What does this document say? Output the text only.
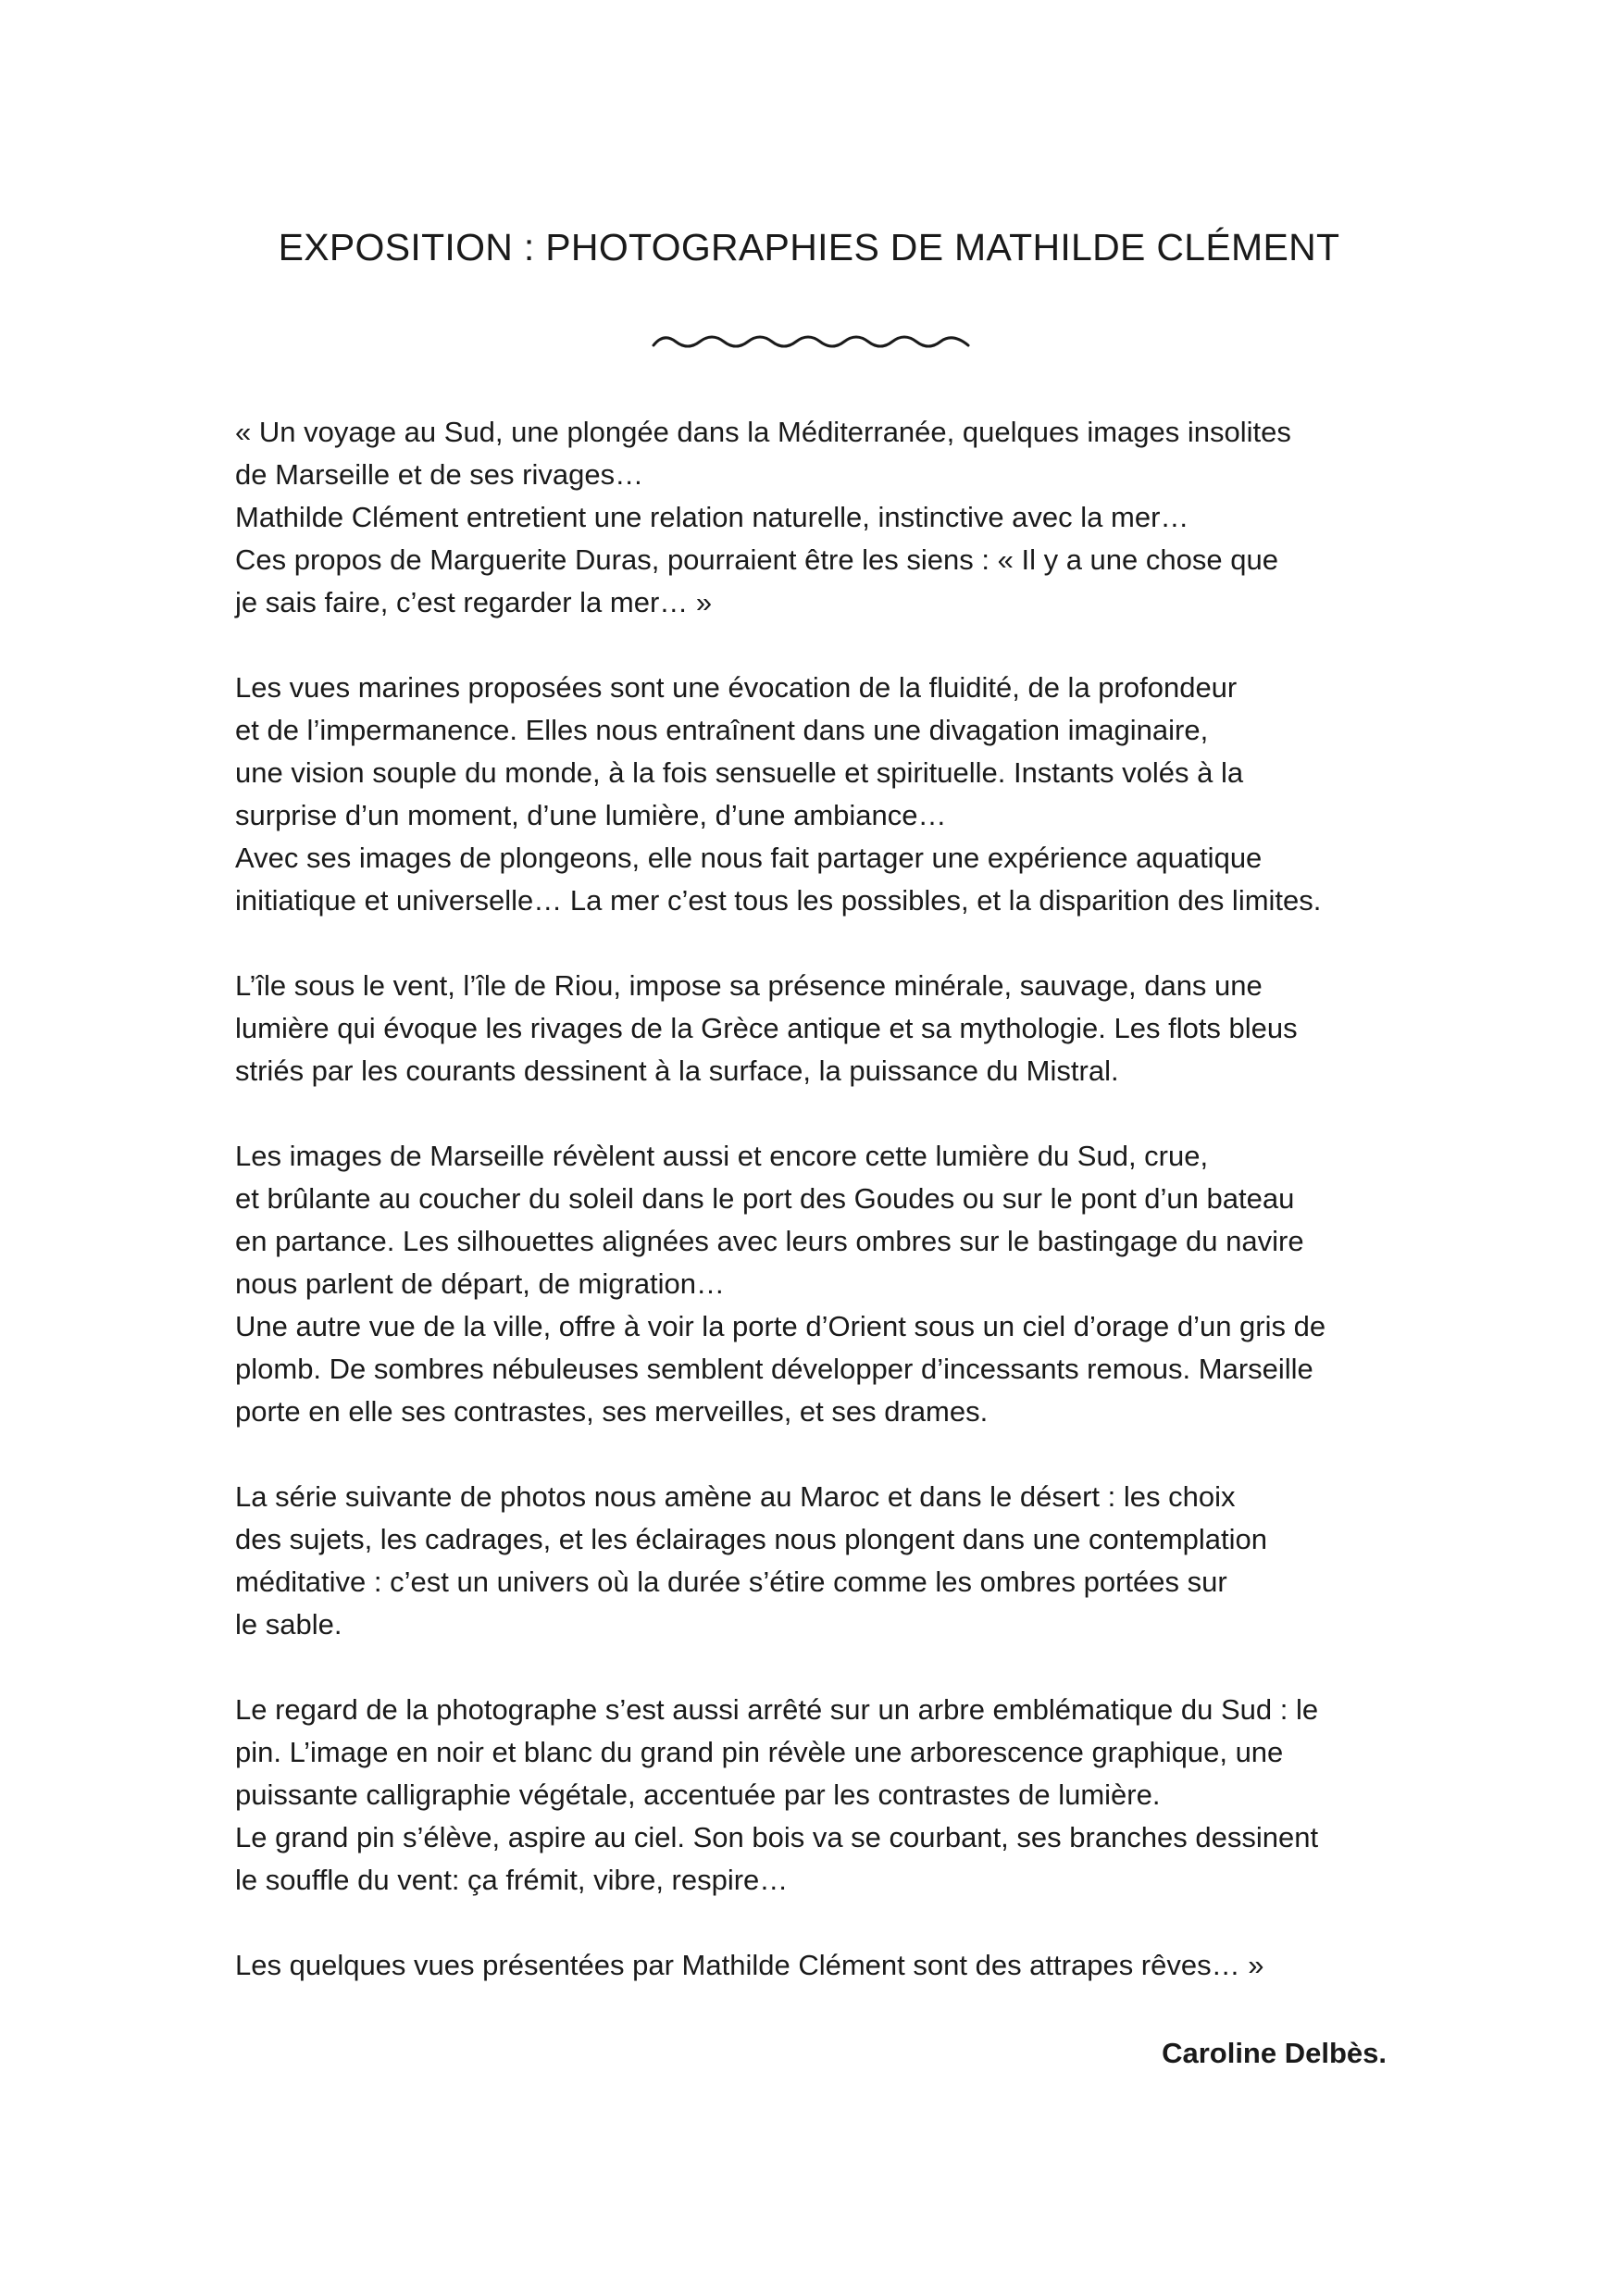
EXPOSITION : PHOTOGRAPHIES DE MATHILDE CLÉMENT

« Un voyage au Sud, une plongée dans la Méditerranée, quelques images insolites
de Marseille et de ses rivages…
Mathilde Clément entretient une relation naturelle, instinctive avec la mer…
Ces propos de Marguerite Duras, pourraient être les siens : « Il y a une chose que
je sais faire, c’est regarder la mer… »

Les vues marines proposées sont une évocation de la fluidité, de la profondeur
et de l’impermanence. Elles nous entraînent dans une divagation imaginaire,
une vision souple du monde, à la fois sensuelle et spirituelle. Instants volés à la
surprise d’un moment, d’une lumière, d’une ambiance…
Avec ses images de plongeons, elle nous fait partager une expérience aquatique
initiatique et universelle… La mer c’est tous les possibles, et la disparition des limites.

L’île sous le vent, l’île de Riou, impose sa présence minérale, sauvage, dans une
lumière qui évoque les rivages de la Grèce antique et sa mythologie. Les flots bleus
striés par les courants dessinent à la surface, la puissance du Mistral.

Les images de Marseille révèlent aussi et encore cette lumière du Sud, crue,
et brûlante au coucher du soleil dans le port des Goudes ou sur le pont d’un bateau
en partance. Les silhouettes alignées avec leurs ombres sur le bastingage du navire
nous parlent de départ, de migration…
Une autre vue de la ville, offre à voir la porte d’Orient sous un ciel d’orage d’un gris de
plomb. De sombres nébuleuses semblent développer d’incessants remous. Marseille
porte en elle ses contrastes, ses merveilles, et ses drames.

La série suivante de photos nous amène au Maroc et dans le désert : les choix
des sujets, les cadrages, et les éclairages nous plongent dans une contemplation
méditative : c’est un univers où la durée s’étire comme les ombres portées sur
le sable.

Le regard de la photographe s’est aussi arrêté sur un arbre emblématique du Sud : le
pin. L’image en noir et blanc du grand pin révèle une arborescence graphique, une
puissante calligraphie végétale, accentuée par les contrastes de lumière.
Le grand pin s’élève, aspire au ciel. Son bois va se courbant, ses branches dessinent
le souffle du vent: ça frémit, vibre, respire…

Les quelques vues présentées par Mathilde Clément sont des attrapes rêves… »

Caroline Delbès.
